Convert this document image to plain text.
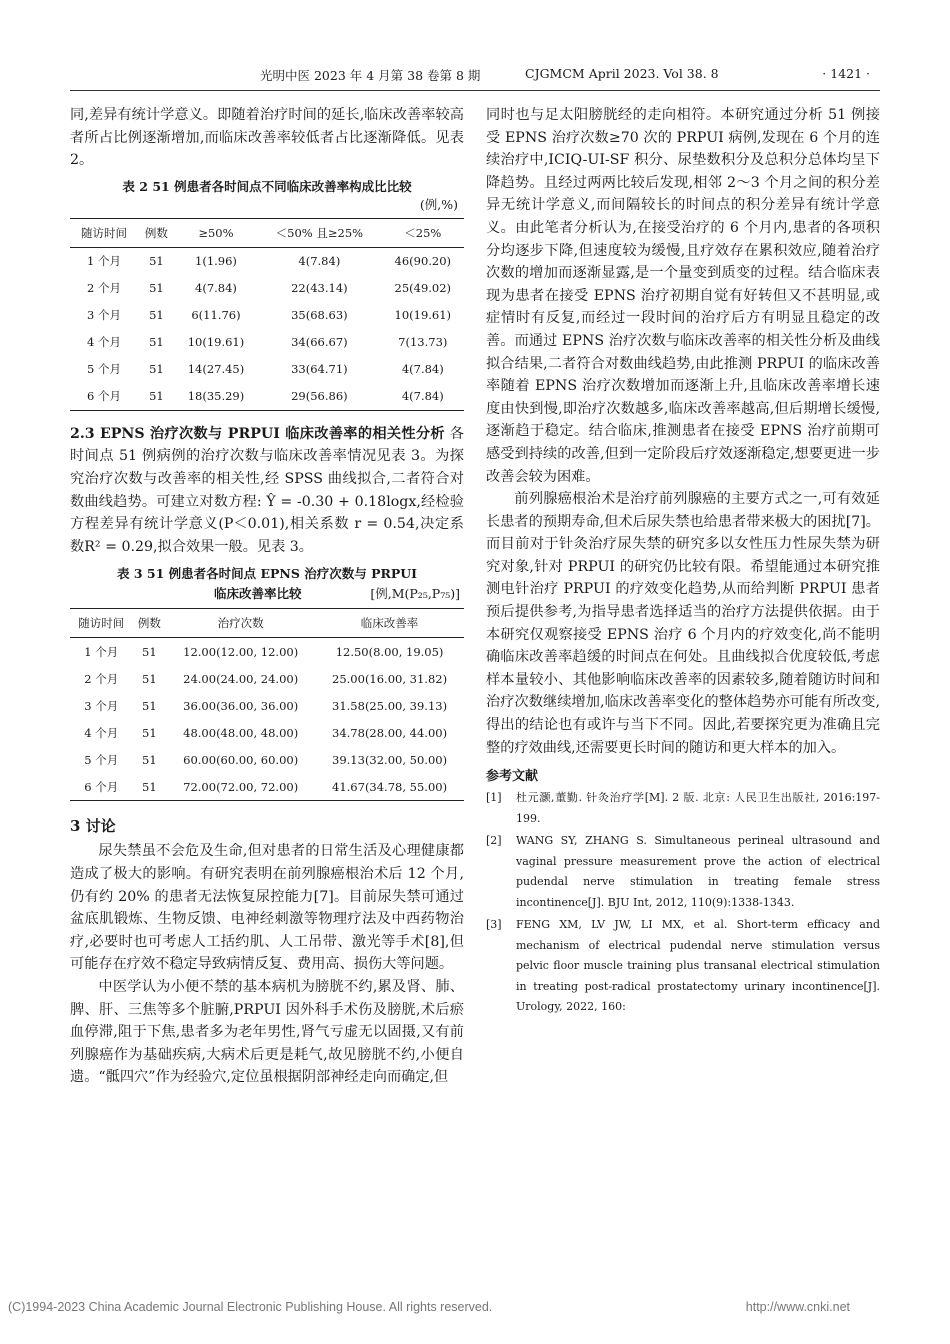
光明中医 2023 年 4 月第 38 卷第 8 期	CJGMCM April 2023. Vol 38. 8	· 1421 ·

同,差异有统计学意义。即随着治疗时间的延长,临床改善率较高者所占比例逐渐增加,而临床改善率较低者占比逐渐降低。见表 2。

表 2 51 例患者各时间点不同临床改善率构成比比较
(例,%)
随访时间	例数	≥50%	＜50% 且≥25%	＜25%
1 个月	51	1(1.96)	4(7.84)	46(90.20)
2 个月	51	4(7.84)	22(43.14)	25(49.02)
3 个月	51	6(11.76)	35(68.63)	10(19.61)
4 个月	51	10(19.61)	34(66.67)	7(13.73)
5 个月	51	14(27.45)	33(64.71)	4(7.84)
6 个月	51	18(35.29)	29(56.86)	4(7.84)

2.3 EPNS 治疗次数与 PRPUI 临床改善率的相关性分析 各时间点 51 例病例的治疗次数与临床改善率情况见表 3。为探究治疗次数与改善率的相关性,经 SPSS 曲线拟合,二者符合对数曲线趋势。可建立对数方程: Ŷ = -0.30 + 0.18logx,经检验方程差异有统计学意义(P＜0.01),相关系数 r = 0.54,决定系数R² = 0.29,拟合效果一般。见表 3。

表 3 51 例患者各时间点 EPNS 治疗次数与 PRPUI
临床改善率比较	[例,M(P₂₅,P₇₅)]
随访时间	例数	治疗次数	临床改善率
1 个月	51	12.00(12.00, 12.00)	12.50(8.00, 19.05)
2 个月	51	24.00(24.00, 24.00)	25.00(16.00, 31.82)
3 个月	51	36.00(36.00, 36.00)	31.58(25.00, 39.13)
4 个月	51	48.00(48.00, 48.00)	34.78(28.00, 44.00)
5 个月	51	60.00(60.00, 60.00)	39.13(32.00, 50.00)
6 个月	51	72.00(72.00, 72.00)	41.67(34.78, 55.00)
3 讨论

尿失禁虽不会危及生命,但对患者的日常生活及心理健康都造成了极大的影响。有研究表明在前列腺癌根治术后 12 个月,仍有约 20% 的患者无法恢复尿控能力[7]。目前尿失禁可通过盆底肌锻炼、生物反馈、电神经刺激等物理疗法及中西药物治疗,必要时也可考虑人工括约肌、人工吊带、激光等手术[8],但可能存在疗效不稳定导致病情反复、费用高、损伤大等问题。

中医学认为小便不禁的基本病机为膀胱不约,累及肾、肺、脾、肝、三焦等多个脏腑,PRPUI 因外科手术伤及膀胱,术后瘀血停滞,阻于下焦,患者多为老年男性,肾气亏虚无以固摄,又有前列腺癌作为基础疾病,大病术后更是耗气,故见膀胱不约,小便自遗。“骶四穴”作为经验穴,定位虽根据阴部神经走向而确定,但

同时也与足太阳膀胱经的走向相符。本研究通过分析 51 例接受 EPNS 治疗次数≥70 次的 PRPUI 病例,发现在 6 个月的连续治疗中,ICIQ-UI-SF 积分、尿垫数积分及总积分总体均呈下降趋势。且经过两两比较后发现,相邻 2～3 个月之间的积分差异无统计学意义,而间隔较长的时间点的积分差异有统计学意义。由此笔者分析认为,在接受治疗的 6 个月内,患者的各项积分均逐步下降,但速度较为缓慢,且疗效存在累积效应,随着治疗次数的增加而逐渐显露,是一个量变到质变的过程。结合临床表现为患者在接受 EPNS 治疗初期自觉有好转但又不甚明显,或症情时有反复,而经过一段时间的治疗后方有明显且稳定的改善。而通过 EPNS 治疗次数与临床改善率的相关性分析及曲线拟合结果,二者符合对数曲线趋势,由此推测 PRPUI 的临床改善率随着 EPNS 治疗次数增加而逐渐上升,且临床改善率增长速度由快到慢,即治疗次数越多,临床改善率越高,但后期增长缓慢,逐渐趋于稳定。结合临床,推测患者在接受 EPNS 治疗前期可感受到持续的改善,但到一定阶段后疗效逐渐稳定,想要更进一步改善会较为困难。

前列腺癌根治术是治疗前列腺癌的主要方式之一,可有效延长患者的预期寿命,但术后尿失禁也给患者带来极大的困扰[7]。而目前对于针灸治疗尿失禁的研究多以女性压力性尿失禁为研究对象,针对 PRPUI 的研究仍比较有限。希望能通过本研究推测电针治疗 PRPUI 的疗效变化趋势,从而给判断 PRPUI 患者预后提供参考,为指导患者选择适当的治疗方法提供依据。由于本研究仅观察接受 EPNS 治疗 6 个月内的疗效变化,尚不能明确临床改善率趋缓的时间点在何处。且曲线拟合优度较低,考虑样本量较小、其他影响临床改善率的因素较多,随着随访时间和治疗次数继续增加,临床改善率变化的整体趋势亦可能有所改变,得出的结论也有或许与当下不同。因此,若要探究更为准确且完整的疗效曲线,还需要更长时间的随访和更大样本的加入。

参考文献
[1]	杜元灏,董勤. 针灸治疗学[M]. 2 版. 北京: 人民卫生出版社, 2016:197-199.
[2]	WANG SY, ZHANG S. Simultaneous perineal ultrasound and vaginal pressure measurement prove the action of electrical pudendal nerve stimulation in treating female stress incontinence[J]. BJU Int, 2012, 110(9):1338-1343.
[3]	FENG XM, LV JW, LI MX, et al. Short-term efficacy and mechanism of electrical pudendal nerve stimulation versus pelvic floor muscle training plus transanal electrical stimulation in treating post-radical prostatectomy urinary incontinence[J]. Urology, 2022, 160:
(C)1994-2023 China Academic Journal Electronic Publishing House. All rights reserved.	http://www.cnki.net
